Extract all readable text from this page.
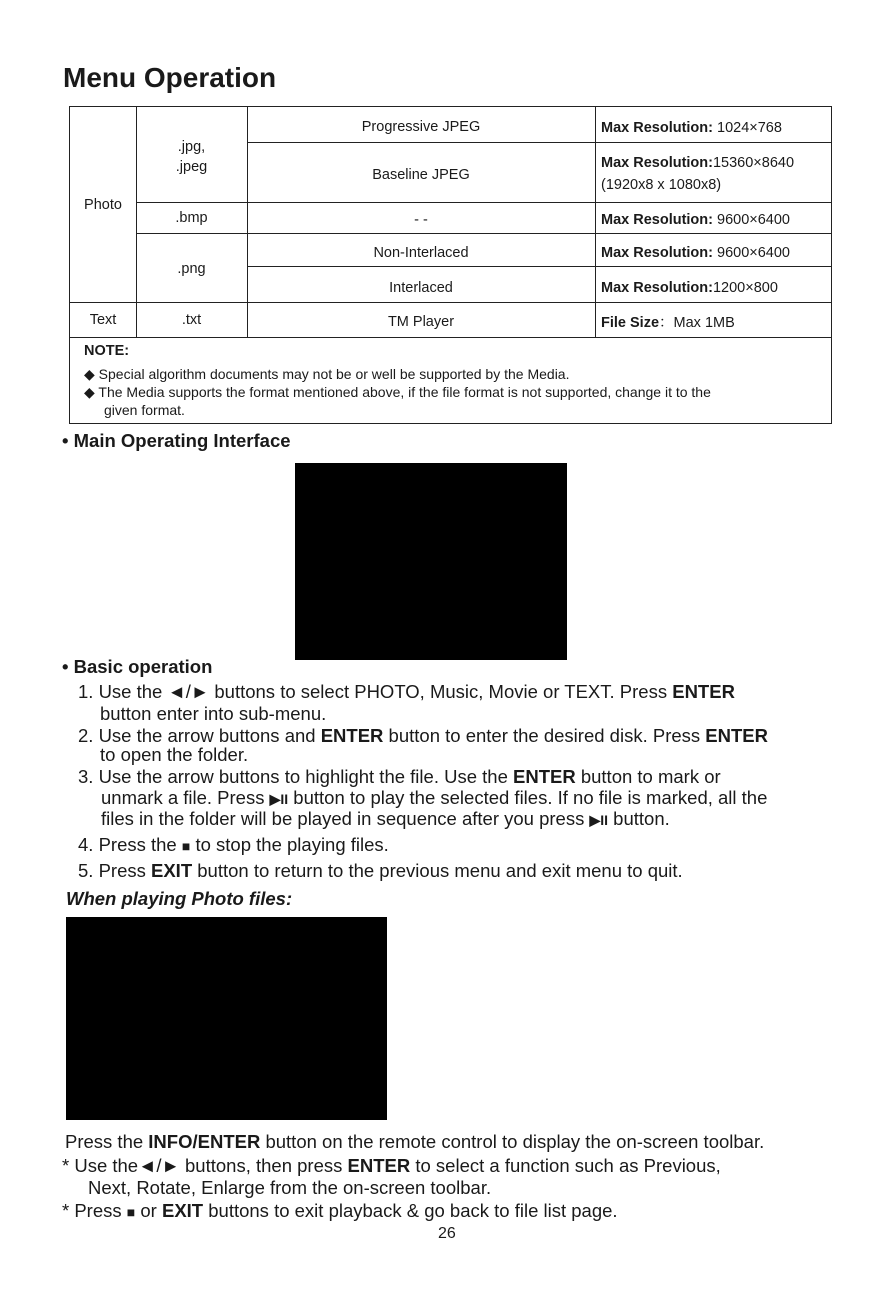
Menu Operation
Photo
Text
.jpg,
.jpeg
.bmp
.png
.txt
Progressive JPEG
Baseline JPEG
- -
Non-Interlaced
Interlaced
TM Player
Max Resolution: 1024×768
Max Resolution:15360×8640
(1920x8 x 1080x8)
Max Resolution: 9600×6400
Max Resolution: 9600×6400
Max Resolution:1200×800
File Size：Max 1MB
NOTE:
◆ Special algorithm documents may not be or well be supported by the Media.
◆ The Media supports the format mentioned above, if the file format is not supported, change it to the
given format.
• Main Operating Interface
• Basic operation
1. Use the ◄/► buttons to select PHOTO, Music, Movie or TEXT. Press ENTER
button enter into sub-menu.
2. Use the arrow buttons and ENTER button to enter the desired disk. Press ENTER
to open the folder.
3. Use the arrow buttons to highlight the file. Use the ENTER button to mark or
unmark a file. Press ▶II button to play the selected files. If no file is marked, all the
files in the folder will be played in sequence after you press ▶II button.
4. Press the ■ to stop the playing files.
5. Press EXIT button to return to the previous menu and exit menu to quit.
When playing Photo files:
Press the INFO/ENTER button on the remote control to display the on-screen toolbar.
* Use the◄/► buttons, then press ENTER to select a function such as Previous,
Next, Rotate, Enlarge from the on-screen toolbar.
* Press ■ or EXIT buttons to exit playback & go back to file list page.
26
